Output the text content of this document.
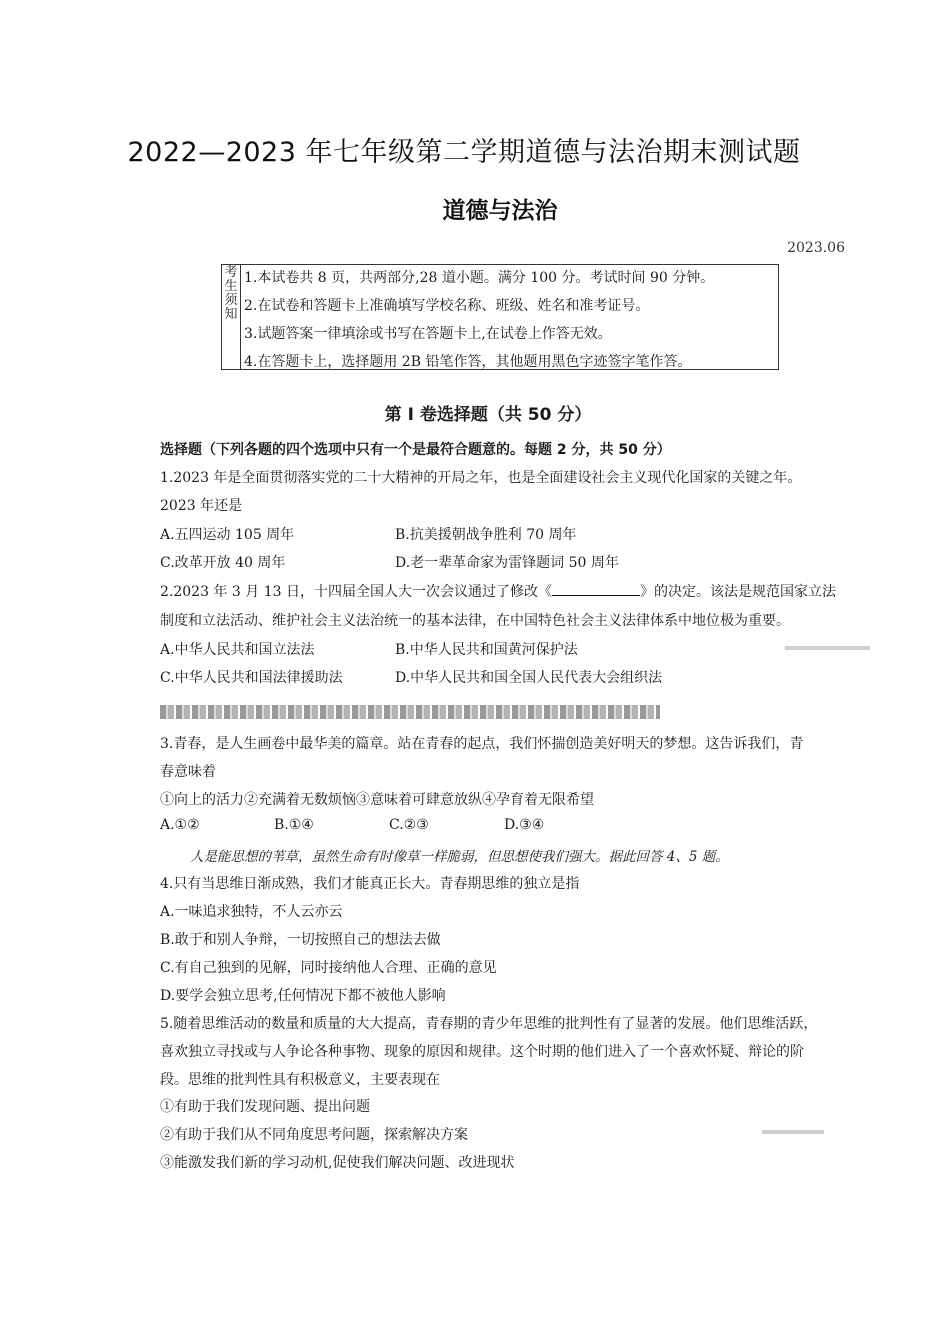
2022—2023 年七年级第二学期道德与法治期末测试题
道德与法治
2023.06
考生须知
1.本试卷共 8 页，共两部分,28 道小题。满分 100 分。考试时间 90 分钟。
2.在试卷和答题卡上准确填写学校名称、班级、姓名和准考证号。
3.试题答案一律填涂或书写在答题卡上,在试卷上作答无效。
4.在答题卡上，选择题用 2B 铅笔作答，其他题用黑色字迹签字笔作答。
第 I 卷选择题（共 50 分）
选择题（下列各题的四个选项中只有一个是最符合题意的。每题 2 分，共 50 分）
1.2023 年是全面贯彻落实党的二十大精神的开局之年，也是全面建设社会主义现代化国家的关键之年。
2023 年还是
A.五四运动 105 周年	B.抗美援朝战争胜利 70 周年
C.改革开放 40 周年	D.老一辈革命家为雷锋题词 50 周年
2.2023 年 3 月 13 日，十四届全国人大一次会议通过了修改《	》的决定。该法是规范国家立法
制度和立法活动、维护社会主义法治统一的基本法律，在中国特色社会主义法律体系中地位极为重要。
A.中华人民共和国立法法	B.中华人民共和国黄河保护法
C.中华人民共和国法律援助法	D.中华人民共和国全国人民代表大会组织法
3.青春，是人生画卷中最华美的篇章。站在青春的起点，我们怀揣创造美好明天的梦想。这告诉我们，青
春意味着
①向上的活力②充满着无数烦恼③意味着可肆意放纵④孕育着无限希望
A.①②	B.①④	C.②③	D.③④
人是能思想的苇草，虽然生命有时像草一样脆弱，但思想使我们强大。据此回答 4、5 题。
4.只有当思维日渐成熟，我们才能真正长大。青春期思维的独立是指
A.一味追求独特，不人云亦云
B.敢于和别人争辩，一切按照自己的想法去做
C.有自己独到的见解，同时接纳他人合理、正确的意见
D.要学会独立思考,任何情况下都不被他人影响
5.随着思维活动的数量和质量的大大提高，青春期的青少年思维的批判性有了显著的发展。他们思维活跃，
喜欢独立寻找或与人争论各种事物、现象的原因和规律。这个时期的他们进入了一个喜欢怀疑、辩论的阶
段。思维的批判性具有积极意义，主要表现在
①有助于我们发现问题、提出问题
②有助于我们从不同角度思考问题，探索解决方案
③能激发我们新的学习动机,促使我们解决问题、改进现状
